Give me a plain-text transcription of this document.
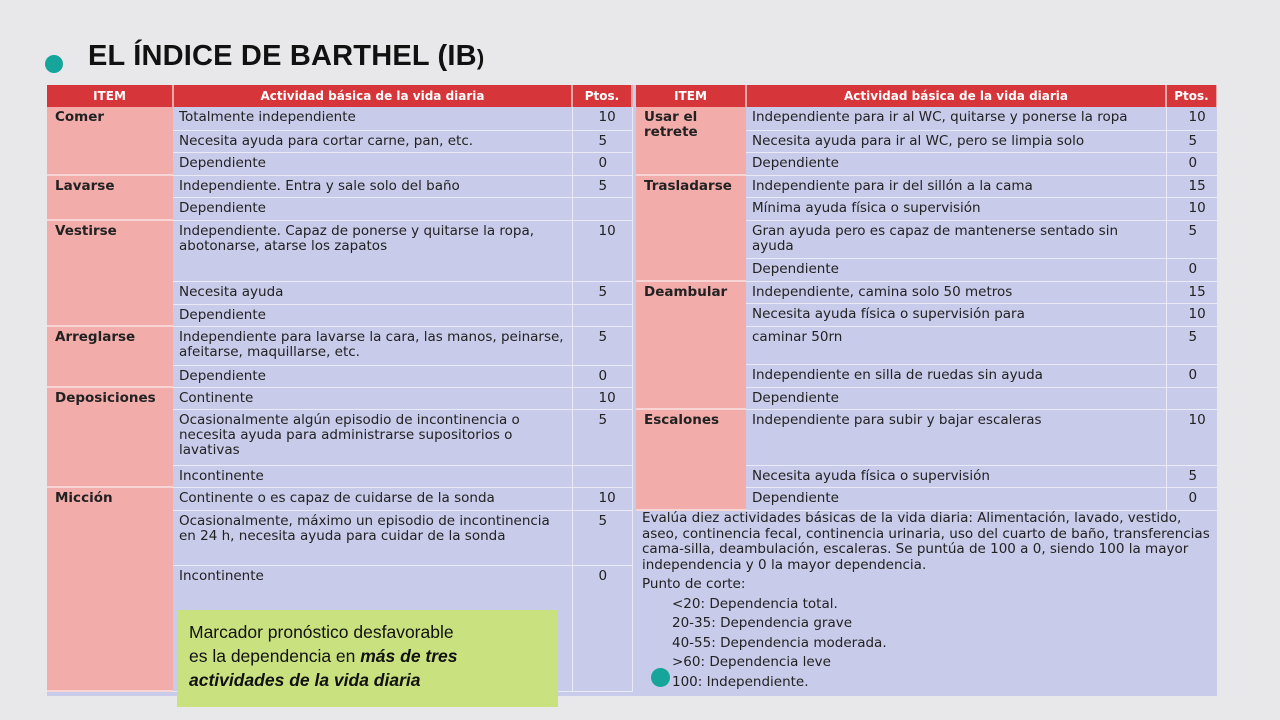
EL ÍNDICE DE BARTHEL (IB)
ITEM	Actividad básica de la vida diaria	Ptos.
Comer	Totalmente independiente	10
	Necesita ayuda para cortar carne, pan, etc.	5
	Dependiente	0
Lavarse	Independiente. Entra y sale solo del baño	5
	Dependiente	
Vestirse	Independiente. Capaz de ponerse y quitarse la ropa, abotonarse, atarse los zapatos	10
	Necesita ayuda	5
	Dependiente	
Arreglarse	Independiente para lavarse la cara, las manos, peinarse, afeitarse, maquillarse, etc.	5
	Dependiente	0
Deposiciones	Continente	10
	Ocasionalmente algún episodio de incontinencia o necesita ayuda para administrarse supositorios o lavativas	5
	Incontinente	
Micción	Continente o es capaz de cuidarse de la sonda	10
	Ocasionalmente, máximo un episodio de incontinencia en 24 h, necesita ayuda para cuidar de la sonda	5
	Incontinente	0
ITEM	Actividad básica de la vida diaria	Ptos.
Usar el retrete	Independiente para ir al WC, quitarse y ponerse la ropa	10
	Necesita ayuda para ir al WC, pero se limpia solo	5
	Dependiente	0
Trasladarse	Independiente para ir del sillón a la cama	15
	Mínima ayuda física o supervisión	10
	Gran ayuda pero es capaz de mantenerse sentado sin ayuda	5
	Dependiente	0
Deambular	Independiente, camina solo 50 metros	15
	Necesita ayuda física o supervisión para	10
	caminar 50rn	5
	Independiente en silla de ruedas sin ayuda	0
	Dependiente	
Escalones	Independiente para subir y bajar escaleras	10
	Necesita ayuda física o supervisión	5
	Dependiente	0

Evalúa diez actividades básicas de la vida diaria: Alimentación, lavado, vestido, aseo, continencia fecal, continencia urinaria, uso del cuarto de baño, transferencias cama-silla, deambulación, escaleras. Se puntúa de 100 a 0, siendo 100 la mayor independencia y 0 la mayor dependencia.

Punto de corte:
<20: Dependencia total.
20-35: Dependencia grave
40-55: Dependencia moderada.
>60: Dependencia leve
100: Independiente.
Marcador pronóstico desfavorable
es la dependencia en más de tres actividades de la vida diaria
